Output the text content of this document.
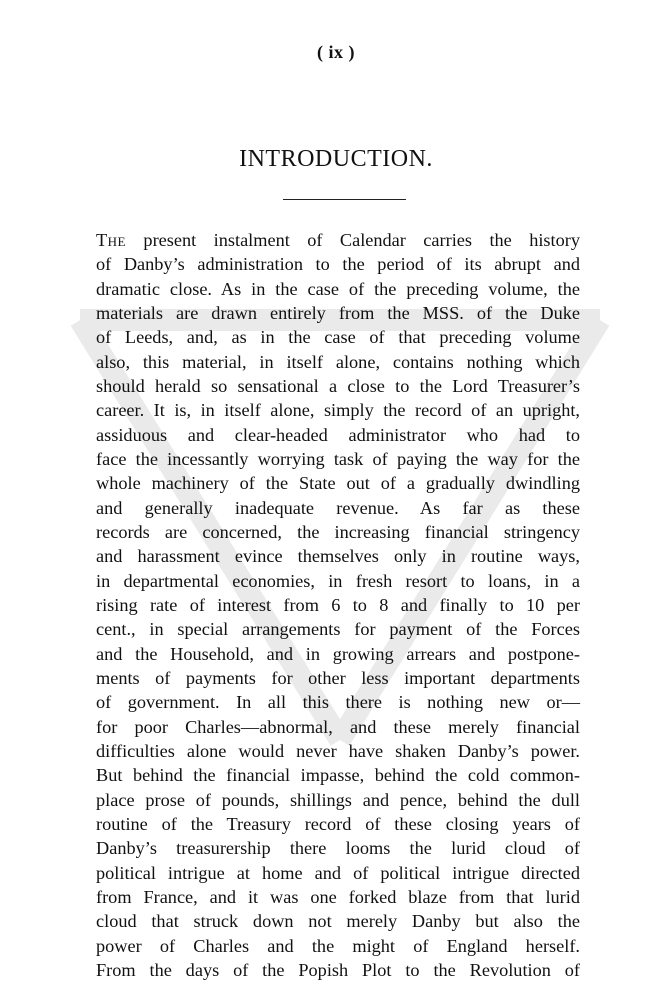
( ix )
INTRODUCTION.
The present instalment of Calendar carries the history
of Danby’s administration to the period of its abrupt and
dramatic close. As in the case of the preceding volume, the
materials are drawn entirely from the MSS. of the Duke
of Leeds, and, as in the case of that preceding volume
also, this material, in itself alone, contains nothing which
should herald so sensational a close to the Lord Treasurer’s
career. It is, in itself alone, simply the record of an upright,
assiduous and clear-headed administrator who had to
face the incessantly worrying task of paying the way for the
whole machinery of the State out of a gradually dwindling
and generally inadequate revenue. As far as these
records are concerned, the increasing financial stringency
and harassment evince themselves only in routine ways,
in departmental economies, in fresh resort to loans, in a
rising rate of interest from 6 to 8 and finally to 10 per
cent., in special arrangements for payment of the Forces
and the Household, and in growing arrears and postpone-
ments of payments for other less important departments
of government. In all this there is nothing new or—
for poor Charles—abnormal, and these merely financial
difficulties alone would never have shaken Danby’s power.
But behind the financial impasse, behind the cold common-
place prose of pounds, shillings and pence, behind the dull
routine of the Treasury record of these closing years of
Danby’s treasurership there looms the lurid cloud of
political intrigue at home and of political intrigue directed
from France, and it was one forked blaze from that lurid
cloud that struck down not merely Danby but also the
power of Charles and the might of England herself.
From the days of the Popish Plot to the Revolution of
